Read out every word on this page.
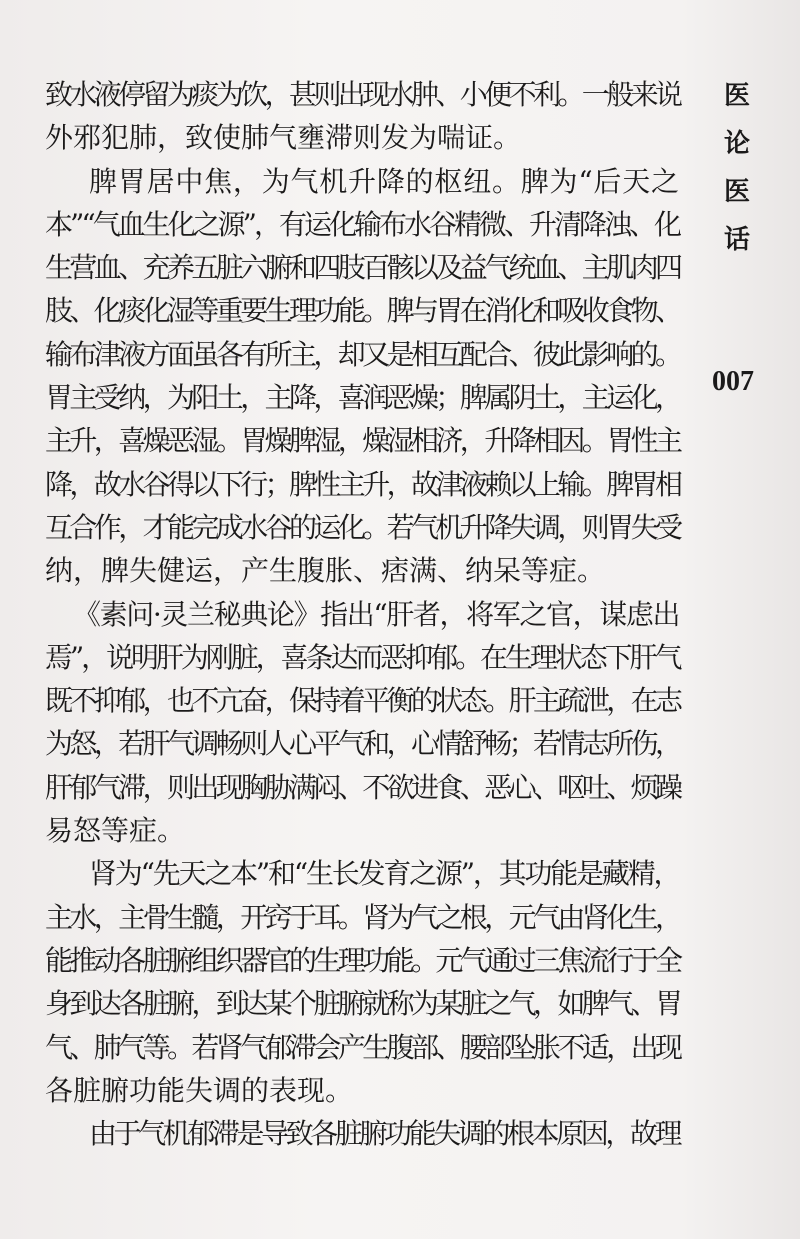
致水液停留为痰为饮，甚则出现水肿、小便不利。一般来说
外邪犯肺，致使肺气壅滞则发为喘证。
脾胃居中焦，为气机升降的枢纽。脾为“后天之
本”“气血生化之源”，有运化输布水谷精微、升清降浊、化
生营血、充养五脏六腑和四肢百骸以及益气统血、主肌肉四
肢、化痰化湿等重要生理功能。脾与胃在消化和吸收食物、
输布津液方面虽各有所主，却又是相互配合、彼此影响的。
胃主受纳，为阳土，主降，喜润恶燥；脾属阴土，主运化，
主升，喜燥恶湿。胃燥脾湿，燥湿相济，升降相因。胃性主
降，故水谷得以下行；脾性主升，故津液赖以上输。脾胃相
互合作，才能完成水谷的运化。若气机升降失调，则胃失受
纳，脾失健运，产生腹胀、痞满、纳呆等症。
《素问·灵兰秘典论》指出“肝者，将军之官，谋虑出
焉”，说明肝为刚脏，喜条达而恶抑郁。在生理状态下肝气
既不抑郁，也不亢奋，保持着平衡的状态。肝主疏泄，在志
为怒，若肝气调畅则人心平气和，心情舒畅；若情志所伤，
肝郁气滞，则出现胸胁满闷、不欲进食、恶心、呕吐、烦躁
易怒等症。
肾为“先天之本”和“生长发育之源”，其功能是藏精，
主水，主骨生髓，开窍于耳。肾为气之根，元气由肾化生，
能推动各脏腑组织器官的生理功能。元气通过三焦流行于全
身到达各脏腑，到达某个脏腑就称为某脏之气，如脾气、胃
气、肺气等。若肾气郁滞会产生腹部、腰部坠胀不适，出现
各脏腑功能失调的表现。
由于气机郁滞是导致各脏腑功能失调的根本原因，故理
医
论
医
话
007
